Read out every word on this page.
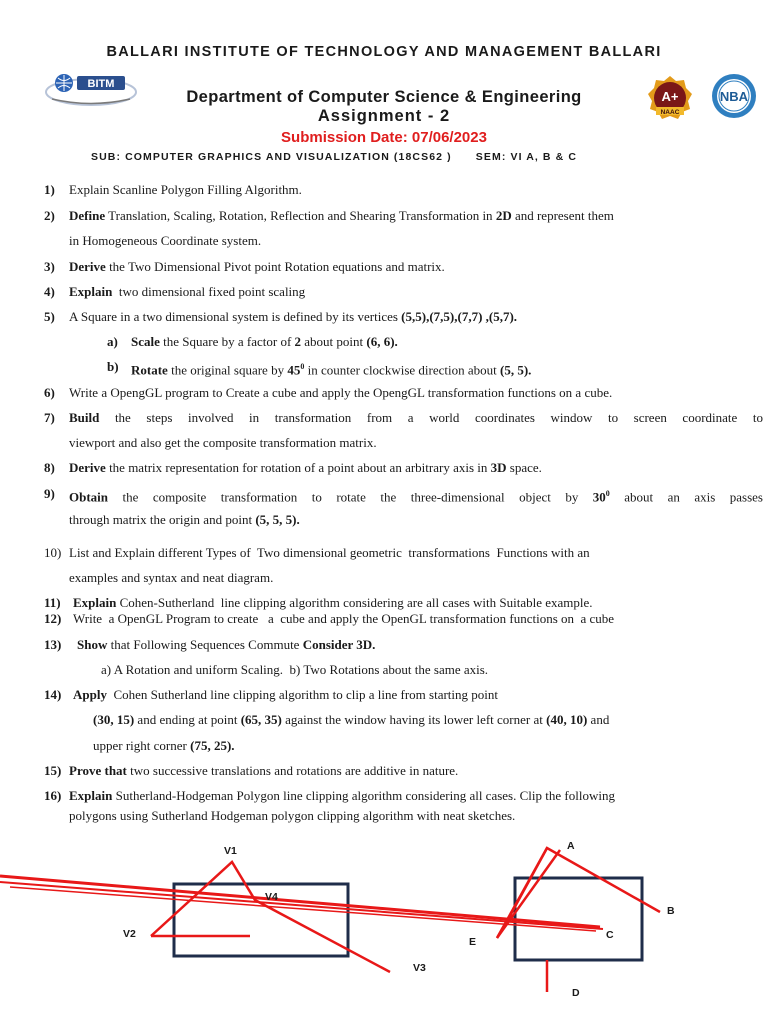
BALLARI INSTITUTE OF TECHNOLOGY AND MANAGEMENT BALLARI
BITM
Department of Computer Science & Engineering
Assignment - 2
Submission Date: 07/06/2023
SUB: COMPUTER GRAPHICS AND VISUALIZATION (18CS62 )      SEM: VI A, B & C
A+
NAAC
NBA
1) Explain Scanline Polygon Filling Algorithm.
2) Define Translation, Scaling, Rotation, Reflection and Shearing Transformation in 2D and represent them
in Homogeneous Coordinate system.
3) Derive the Two Dimensional Pivot point Rotation equations and matrix.
4) Explain  two dimensional fixed point scaling
5) A Square in a two dimensional system is defined by its vertices (5,5),(7,5),(7,7) ,(5,7).
a) Scale the Square by a factor of 2 about point (6, 6).
b) Rotate the original square by $45^0$ in counter clockwise direction about (5, 5).
6) Write a OpengGL program to Create a cube and apply the OpengGL transformation functions on a cube.
7) Build the steps involved in transformation from a world coordinates window to screen coordinate to
viewport and also get the composite transformation matrix.
8) Derive the matrix representation for rotation of a point about an arbitrary axis in 3D space.
9) Obtain the composite transformation to rotate the three-dimensional object by $30^0$ about an axis passes
through matrix the origin and point (5, 5, 5).
10) List and Explain different Types of  Two dimensional geometric  transformations  Functions with an
examples and syntax and neat diagram.
11) Explain Cohen-Sutherland  line clipping algorithm considering are all cases with Suitable example.
12) Write  a OpenGL Program to create   a  cube and apply the OpenGL transformation functions on  a cube
13) Show that Following Sequences Commute Consider 3D.
a) A Rotation and uniform Scaling.  b) Two Rotations about the same axis.
14) Apply  Cohen Sutherland line clipping algorithm to clip a line from starting point
(30, 15) and ending at point (65, 35) against the window having its lower left corner at (40, 10) and
upper right corner (75, 25).
15) Prove that two successive translations and rotations are additive in nature.
16) Explain Sutherland-Hodgeman Polygon line clipping algorithm considering all cases. Clip the following
polygons using Sutherland Hodgeman polygon clipping algorithm with neat sketches.
V1
V4
V2
V3
A
B
C
D
E
